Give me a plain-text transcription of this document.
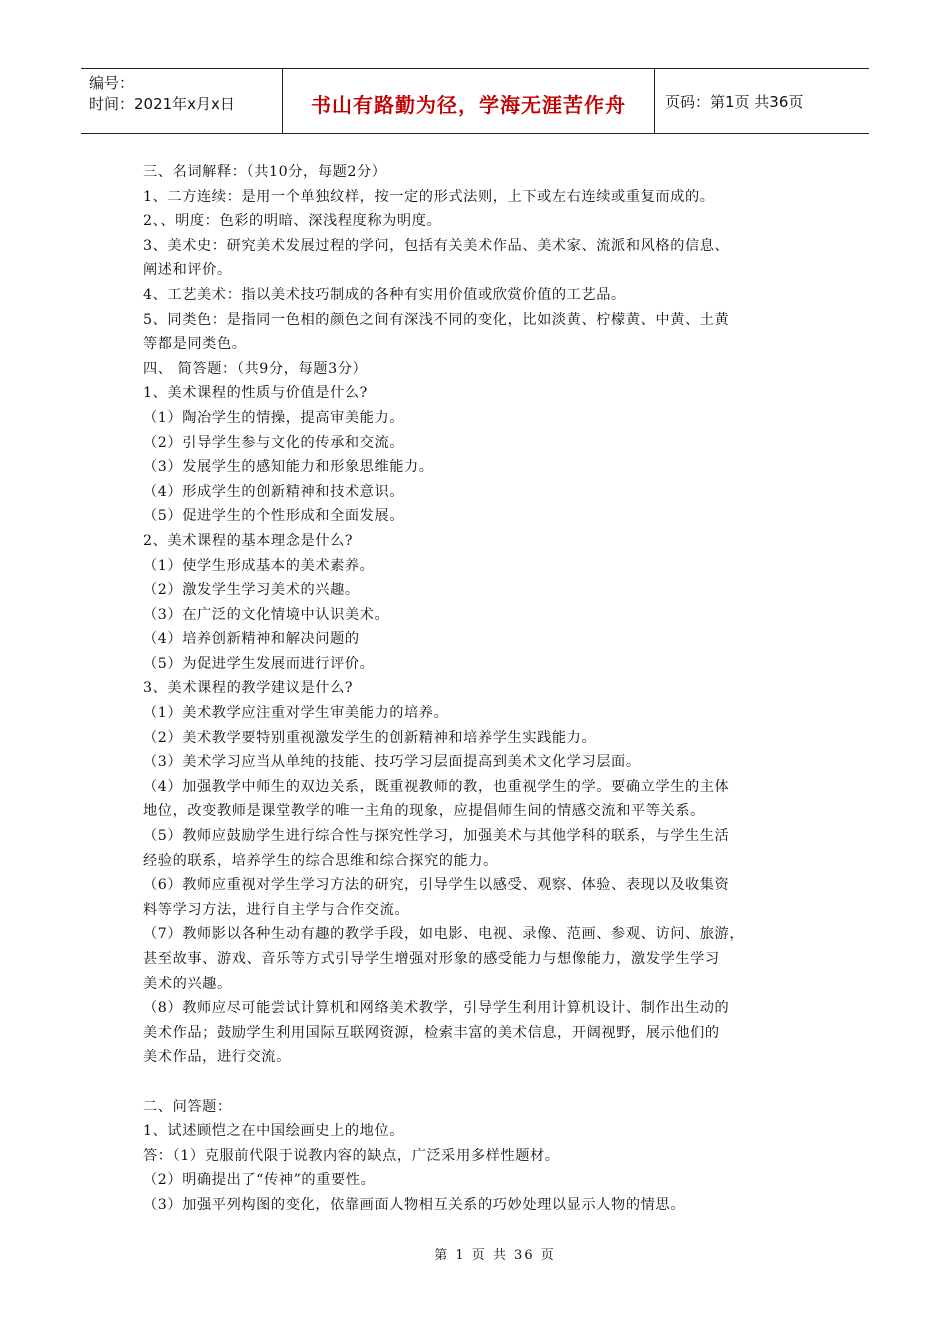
编号：
时间：2021年x月x日	书山有路勤为径，学海无涯苦作舟	页码：第1页 共36页
三、名词解释：（共10分，每题2分）
1、二方连续：是用一个单独纹样，按一定的形式法则，上下或左右连续或重复而成的。
2、、明度：色彩的明暗、深浅程度称为明度。
3、美术史：研究美术发展过程的学问，包括有关美术作品、美术家、流派和风格的信息、
阐述和评价。
4、工艺美术：指以美术技巧制成的各种有实用价值或欣赏价值的工艺品。
5、同类色：是指同一色相的颜色之间有深浅不同的变化，比如淡黄、柠檬黄、中黄、土黄
等都是同类色。
四、 简答题：（共9分，每题3分）
1、美术课程的性质与价值是什么?
（1）陶冶学生的情操，提高审美能力。
（2）引导学生参与文化的传承和交流。
（3）发展学生的感知能力和形象思维能力。
（4）形成学生的创新精神和技术意识。
（5）促进学生的个性形成和全面发展。
2、美术课程的基本理念是什么?
（1）使学生形成基本的美术素养。
（2）激发学生学习美术的兴趣。
（3）在广泛的文化情境中认识美术。
（4）培养创新精神和解决问题的
（5）为促进学生发展而进行评价。
3、美术课程的教学建议是什么?
（1）美术教学应注重对学生审美能力的培养。
（2）美术教学要特别重视激发学生的创新精神和培养学生实践能力。
（3）美术学习应当从单纯的技能、技巧学习层面提高到美术文化学习层面。
（4）加强教学中师生的双边关系，既重视教师的教，也重视学生的学。要确立学生的主体
地位，改变教师是课堂教学的唯一主角的现象，应提倡师生间的情感交流和平等关系。
（5）教师应鼓励学生进行综合性与探究性学习，加强美术与其他学科的联系，与学生生活
经验的联系，培养学生的综合思维和综合探究的能力。
（6）教师应重视对学生学习方法的研究，引导学生以感受、观察、体验、表现以及收集资
料等学习方法，进行自主学与合作交流。
（7）教师影以各种生动有趣的教学手段，如电影、电视、录像、范画、参观、访问、旅游，
甚至故事、游戏、音乐等方式引导学生增强对形象的感受能力与想像能力，激发学生学习
美术的兴趣。
（8）教师应尽可能尝试计算机和网络美术教学，引导学生利用计算机设计、制作出生动的
美术作品；鼓励学生利用国际互联网资源，检索丰富的美术信息，开阔视野，展示他们的
美术作品，进行交流。
二、问答题：
1、试述顾恺之在中国绘画史上的地位。
答：（1）克服前代限于说教内容的缺点，广泛采用多样性题材。
（2）明确提出了“传神”的重要性。
（3）加强平列构图的变化，依靠画面人物相互关系的巧妙处理以显示人物的情思。
第 1 页 共 36 页
